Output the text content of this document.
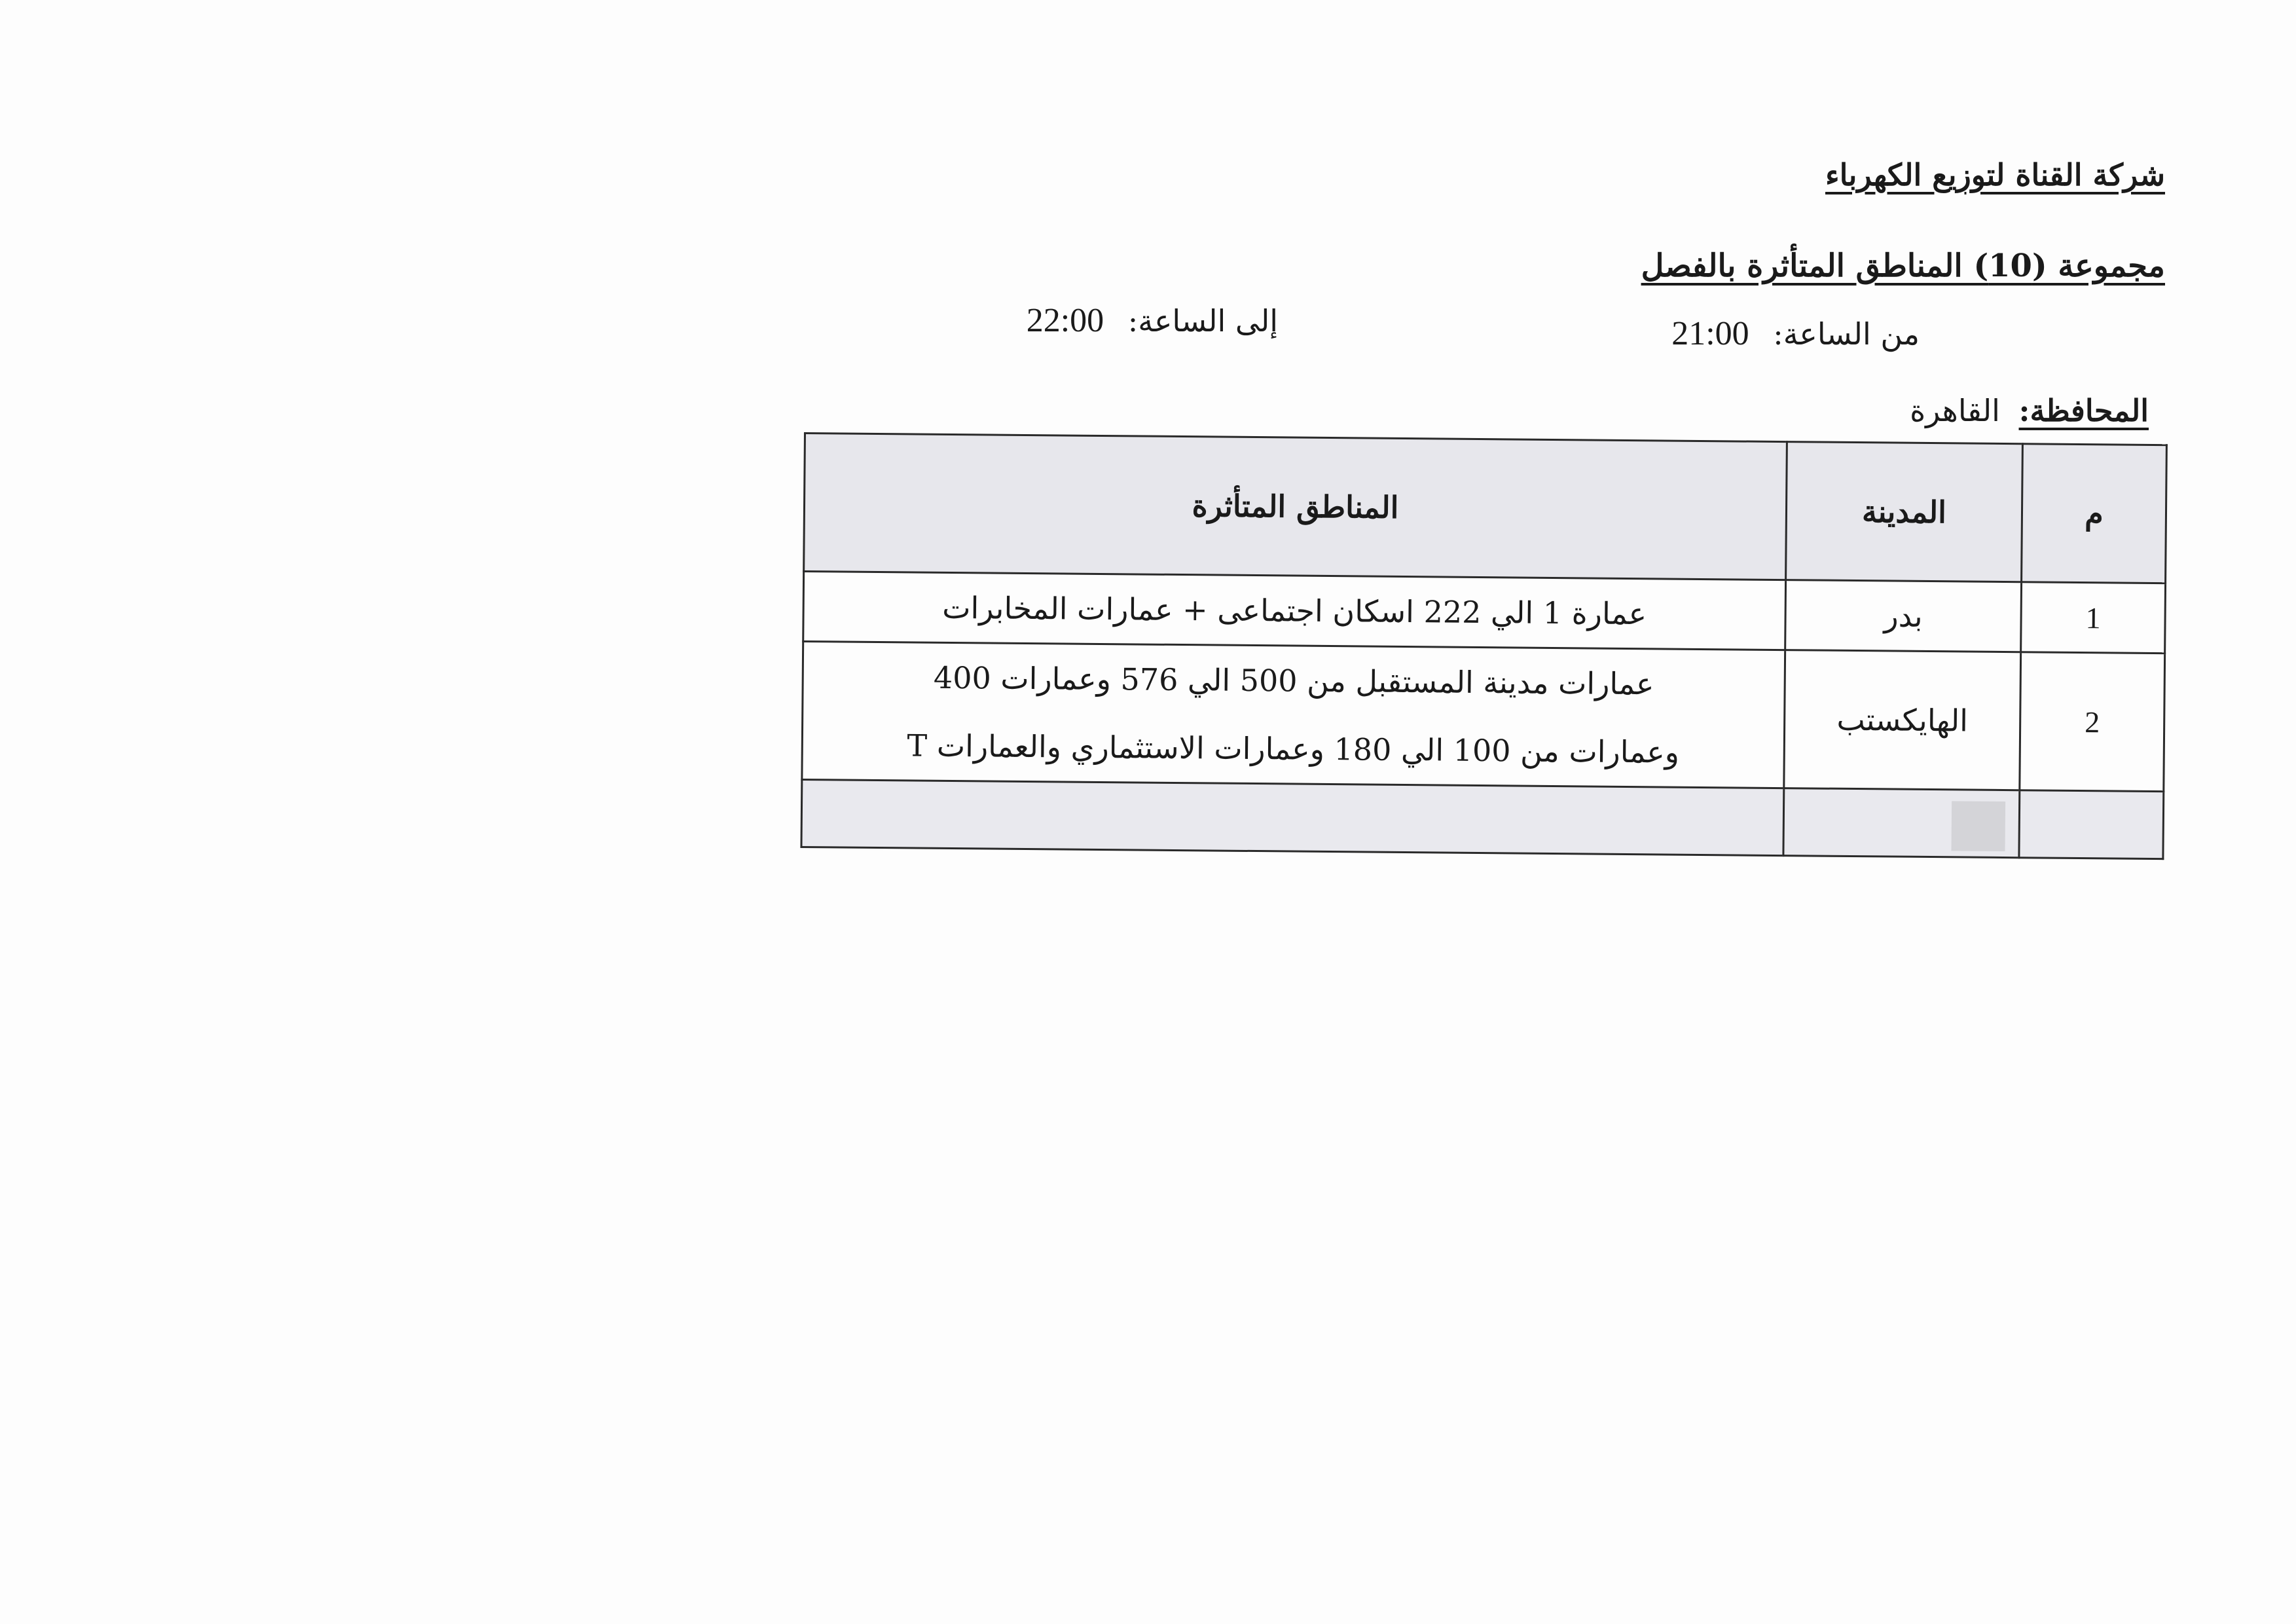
شركة القناة لتوزيع الكهرباء
مجموعة (10) المناطق المتأثرة بالفصل
من الساعة: 21:00
إلى الساعة: 22:00
المحافظة: القاهرة
م	المدينة	المناطق المتأثرة
1	بدر	عمارة 1 الي 222 اسكان اجتماعى + عمارات المخابرات

2	الهايكستب	عمارات مدينة المستقبل من 500 الي 576 وعمارات 400
وعمارات من 100 الي 180 وعمارات الاستثماري والعمارات T
